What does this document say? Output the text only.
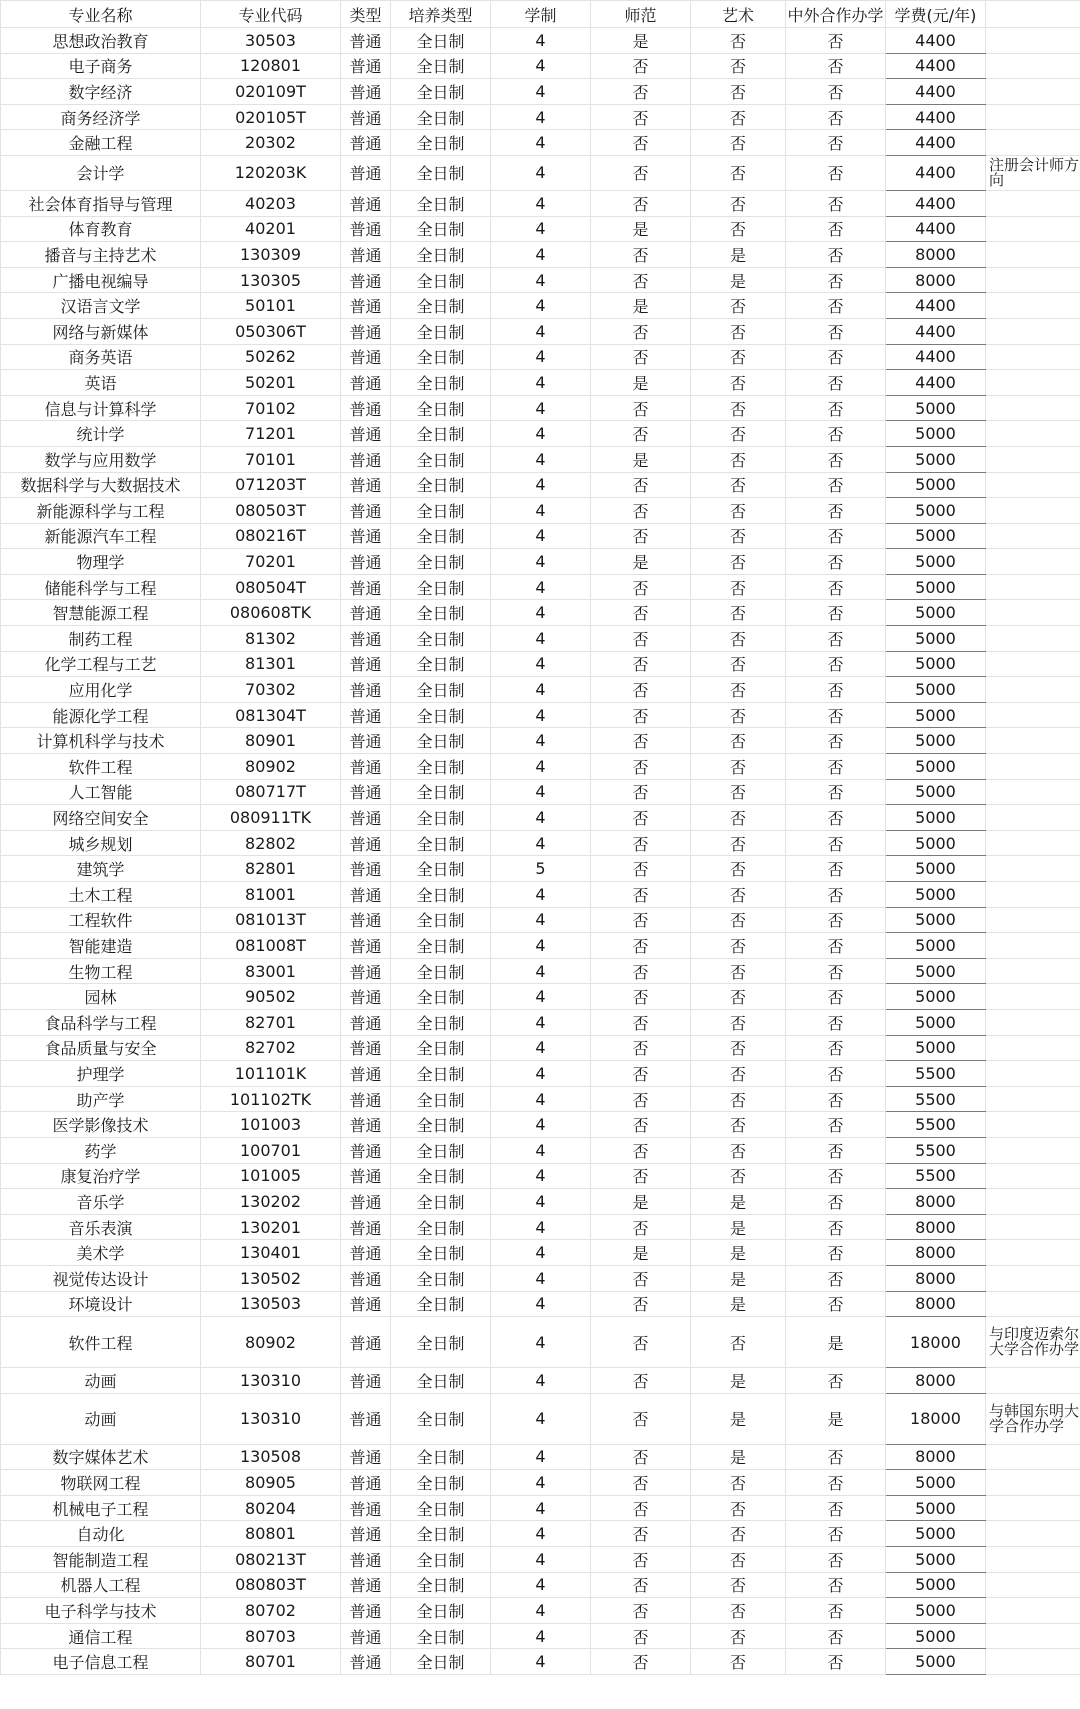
专业名称	专业代码	类型	培养类型	学制	师范	艺术	中外合作办学	学费(元/年)	
思想政治教育	30503	普通	全日制	4	是	否	否	4400	
电子商务	120801	普通	全日制	4	否	否	否	4400	
数字经济	020109T	普通	全日制	4	否	否	否	4400	
商务经济学	020105T	普通	全日制	4	否	否	否	4400	
金融工程	20302	普通	全日制	4	否	否	否	4400	
会计学	120203K	普通	全日制	4	否	否	否	4400	注册会计师方向
社会体育指导与管理	40203	普通	全日制	4	否	否	否	4400	
体育教育	40201	普通	全日制	4	是	否	否	4400	
播音与主持艺术	130309	普通	全日制	4	否	是	否	8000	
广播电视编导	130305	普通	全日制	4	否	是	否	8000	
汉语言文学	50101	普通	全日制	4	是	否	否	4400	
网络与新媒体	050306T	普通	全日制	4	否	否	否	4400	
商务英语	50262	普通	全日制	4	否	否	否	4400	
英语	50201	普通	全日制	4	是	否	否	4400	
信息与计算科学	70102	普通	全日制	4	否	否	否	5000	
统计学	71201	普通	全日制	4	否	否	否	5000	
数学与应用数学	70101	普通	全日制	4	是	否	否	5000	
数据科学与大数据技术	071203T	普通	全日制	4	否	否	否	5000	
新能源科学与工程	080503T	普通	全日制	4	否	否	否	5000	
新能源汽车工程	080216T	普通	全日制	4	否	否	否	5000	
物理学	70201	普通	全日制	4	是	否	否	5000	
储能科学与工程	080504T	普通	全日制	4	否	否	否	5000	
智慧能源工程	080608TK	普通	全日制	4	否	否	否	5000	
制药工程	81302	普通	全日制	4	否	否	否	5000	
化学工程与工艺	81301	普通	全日制	4	否	否	否	5000	
应用化学	70302	普通	全日制	4	否	否	否	5000	
能源化学工程	081304T	普通	全日制	4	否	否	否	5000	
计算机科学与技术	80901	普通	全日制	4	否	否	否	5000	
软件工程	80902	普通	全日制	4	否	否	否	5000	
人工智能	080717T	普通	全日制	4	否	否	否	5000	
网络空间安全	080911TK	普通	全日制	4	否	否	否	5000	
城乡规划	82802	普通	全日制	4	否	否	否	5000	
建筑学	82801	普通	全日制	5	否	否	否	5000	
土木工程	81001	普通	全日制	4	否	否	否	5000	
工程软件	081013T	普通	全日制	4	否	否	否	5000	
智能建造	081008T	普通	全日制	4	否	否	否	5000	
生物工程	83001	普通	全日制	4	否	否	否	5000	
园林	90502	普通	全日制	4	否	否	否	5000	
食品科学与工程	82701	普通	全日制	4	否	否	否	5000	
食品质量与安全	82702	普通	全日制	4	否	否	否	5000	
护理学	101101K	普通	全日制	4	否	否	否	5500	
助产学	101102TK	普通	全日制	4	否	否	否	5500	
医学影像技术	101003	普通	全日制	4	否	否	否	5500	
药学	100701	普通	全日制	4	否	否	否	5500	
康复治疗学	101005	普通	全日制	4	否	否	否	5500	
音乐学	130202	普通	全日制	4	是	是	否	8000	
音乐表演	130201	普通	全日制	4	否	是	否	8000	
美术学	130401	普通	全日制	4	是	是	否	8000	
视觉传达设计	130502	普通	全日制	4	否	是	否	8000	
环境设计	130503	普通	全日制	4	否	是	否	8000	
软件工程	80902	普通	全日制	4	否	否	是	18000	与印度迈索尔大学合作办学
动画	130310	普通	全日制	4	否	是	否	8000	
动画	130310	普通	全日制	4	否	是	是	18000	与韩国东明大学合作办学
数字媒体艺术	130508	普通	全日制	4	否	是	否	8000	
物联网工程	80905	普通	全日制	4	否	否	否	5000	
机械电子工程	80204	普通	全日制	4	否	否	否	5000	
自动化	80801	普通	全日制	4	否	否	否	5000	
智能制造工程	080213T	普通	全日制	4	否	否	否	5000	
机器人工程	080803T	普通	全日制	4	否	否	否	5000	
电子科学与技术	80702	普通	全日制	4	否	否	否	5000	
通信工程	80703	普通	全日制	4	否	否	否	5000	
电子信息工程	80701	普通	全日制	4	否	否	否	5000	
